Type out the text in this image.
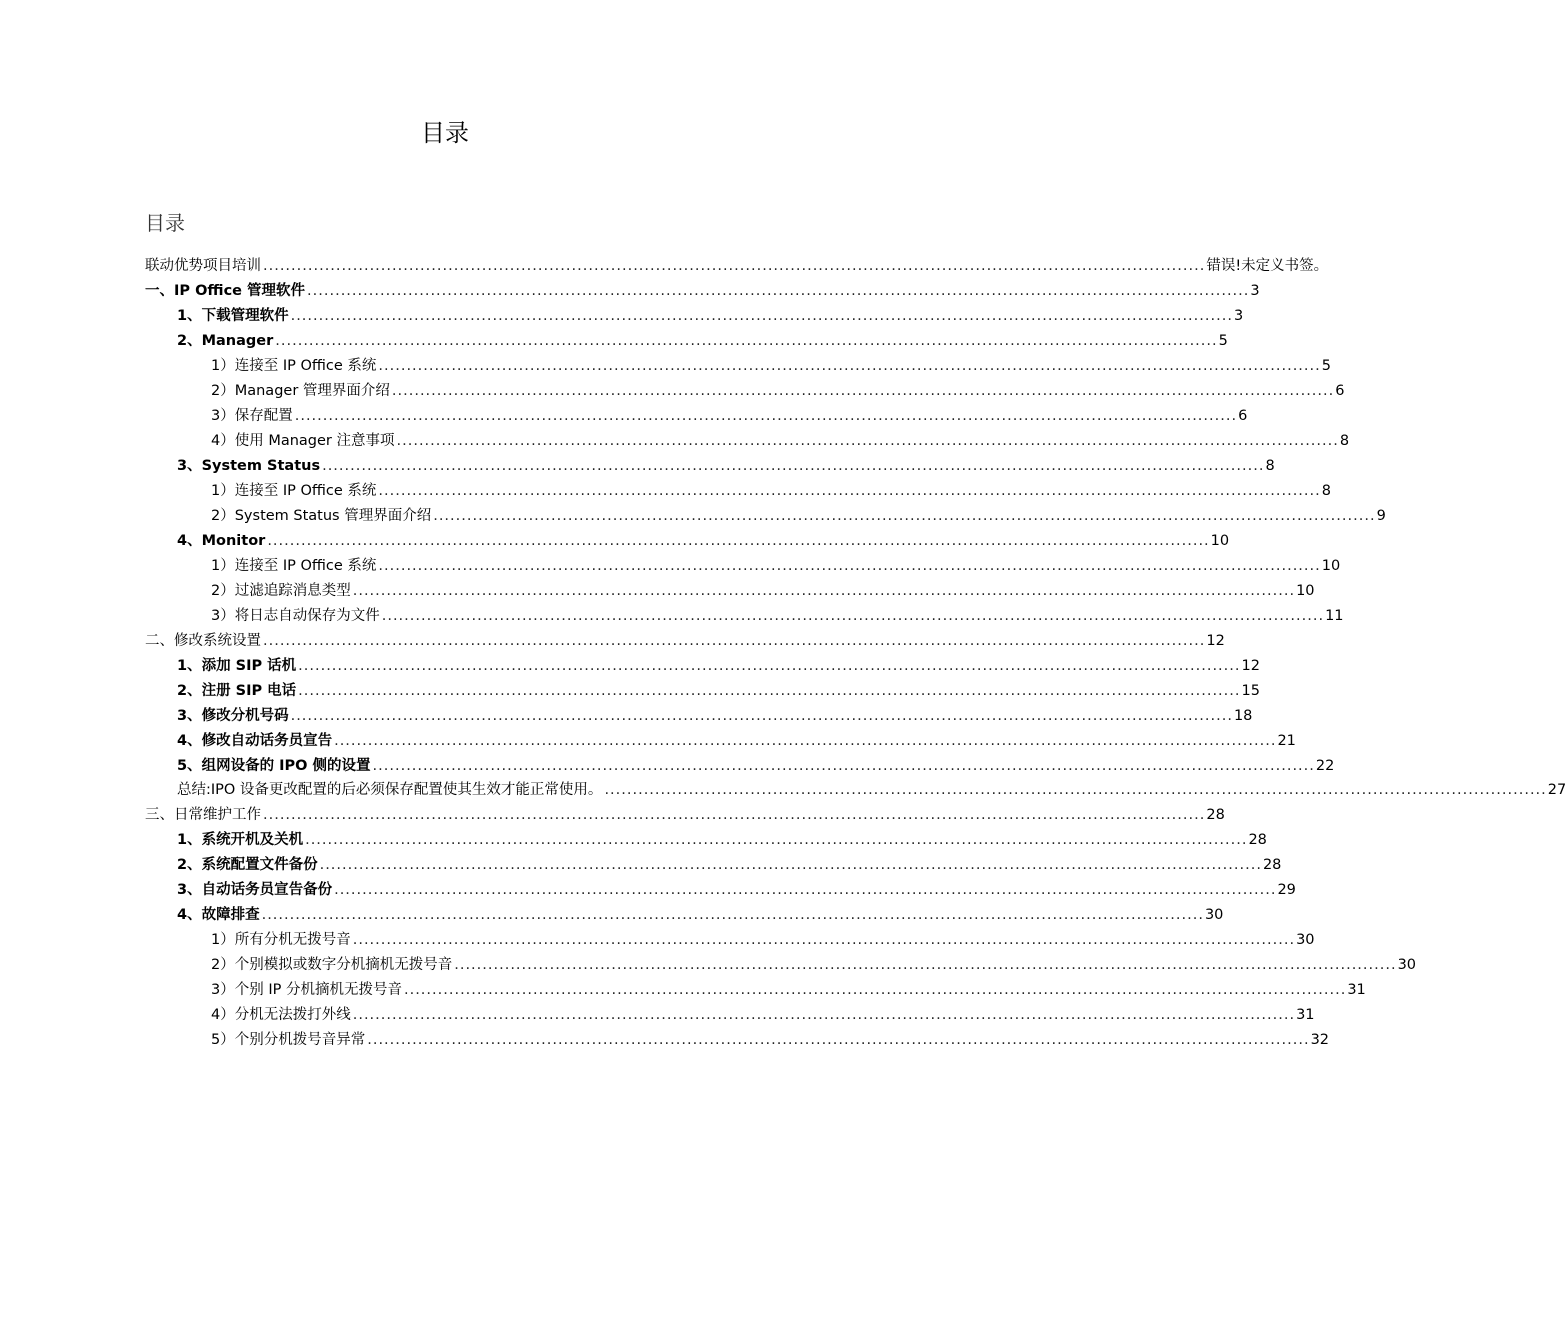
目录
目录
联动优势项目培训 ........................................................................................................................................................................ 错误!未定义书签。
一、IP Office 管理软件 ........................................................................................................................................................................ 3
1、下载管理软件 ........................................................................................................................................................................ 3
2、Manager ........................................................................................................................................................................ 5
1）连接至 IP Office 系统 ........................................................................................................................................................................ 5
2）Manager 管理界面介绍 ........................................................................................................................................................................ 6
3）保存配置 ........................................................................................................................................................................ 6
4）使用 Manager 注意事项 ........................................................................................................................................................................ 8
3、System Status ........................................................................................................................................................................ 8
1）连接至 IP Office 系统 ........................................................................................................................................................................ 8
2）System Status 管理界面介绍 ........................................................................................................................................................................ 9
4、Monitor ........................................................................................................................................................................ 10
1）连接至 IP Office 系统 ........................................................................................................................................................................ 10
2）过滤追踪消息类型 ........................................................................................................................................................................ 10
3）将日志自动保存为文件 ........................................................................................................................................................................ 11
二、 修改系统设置 ........................................................................................................................................................................ 12
1、 添加 SIP 话机 ........................................................................................................................................................................ 12
2、 注册 SIP 电话 ........................................................................................................................................................................ 15
3、修改分机号码 ........................................................................................................................................................................ 18
4、修改自动话务员宣告 ........................................................................................................................................................................ 21
5、组网设备的 IPO 侧的设置 ........................................................................................................................................................................ 22
总结:IPO 设备更改配置的后必须保存配置使其生效才能正常使用。 ........................................................................................................................................................................ 27
三、日常维护工作 ........................................................................................................................................................................ 28
1、系统开机及关机 ........................................................................................................................................................................ 28
2、系统配置文件备份 ........................................................................................................................................................................ 28
3、自动话务员宣告备份 ........................................................................................................................................................................ 29
4、故障排查 ........................................................................................................................................................................ 30
1）所有分机无拨号音 ........................................................................................................................................................................ 30
2） 个别模拟或数字分机摘机无拨号音 ........................................................................................................................................................................ 30
3） 个别 IP 分机摘机无拨号音 ........................................................................................................................................................................ 31
4）分机无法拨打外线 ........................................................................................................................................................................ 31
5）个别分机拨号音异常 ........................................................................................................................................................................ 32
